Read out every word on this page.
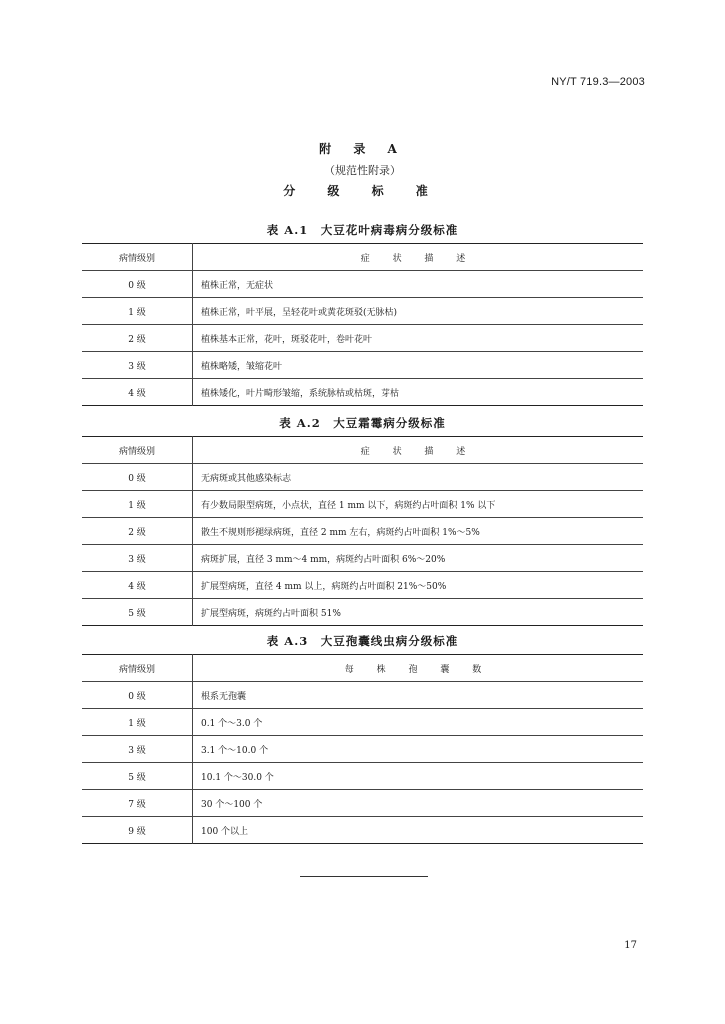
NY/T 719.3—2003
附 录 A
（规范性附录）
分 级 标 准
表 A.1　大豆花叶病毒病分级标准
病情级别	症 状 描 述
0 级	植株正常，无症状
1 级	植株正常，叶平展，呈轻花叶或黄花斑驳(无脉枯)
2 级	植株基本正常，花叶，斑驳花叶，卷叶花叶
3 级	植株略矮，皱缩花叶
4 级	植株矮化，叶片畸形皱缩，系统脉枯或枯斑，芽枯
表 A.2　大豆霜霉病分级标准
病情级别	症 状 描 述
0 级	无病斑或其他感染标志
1 级	有少数局限型病斑，小点状，直径 1 mm 以下，病斑约占叶面积 1% 以下
2 级	散生不规则形褪绿病斑，直径 2 mm 左右，病斑约占叶面积 1%～5%
3 级	病斑扩展，直径 3 mm～4 mm，病斑约占叶面积 6%～20%
4 级	扩展型病斑，直径 4 mm 以上，病斑约占叶面积 21%～50%
5 级	扩展型病斑，病斑约占叶面积 51%
表 A.3　大豆孢囊线虫病分级标准
病情级别	每 株 孢 囊 数
0 级	根系无孢囊
1 级	0.1 个～3.0 个
3 级	3.1 个～10.0 个
5 级	10.1 个～30.0 个
7 级	30 个～100 个
9 级	100 个以上
17
